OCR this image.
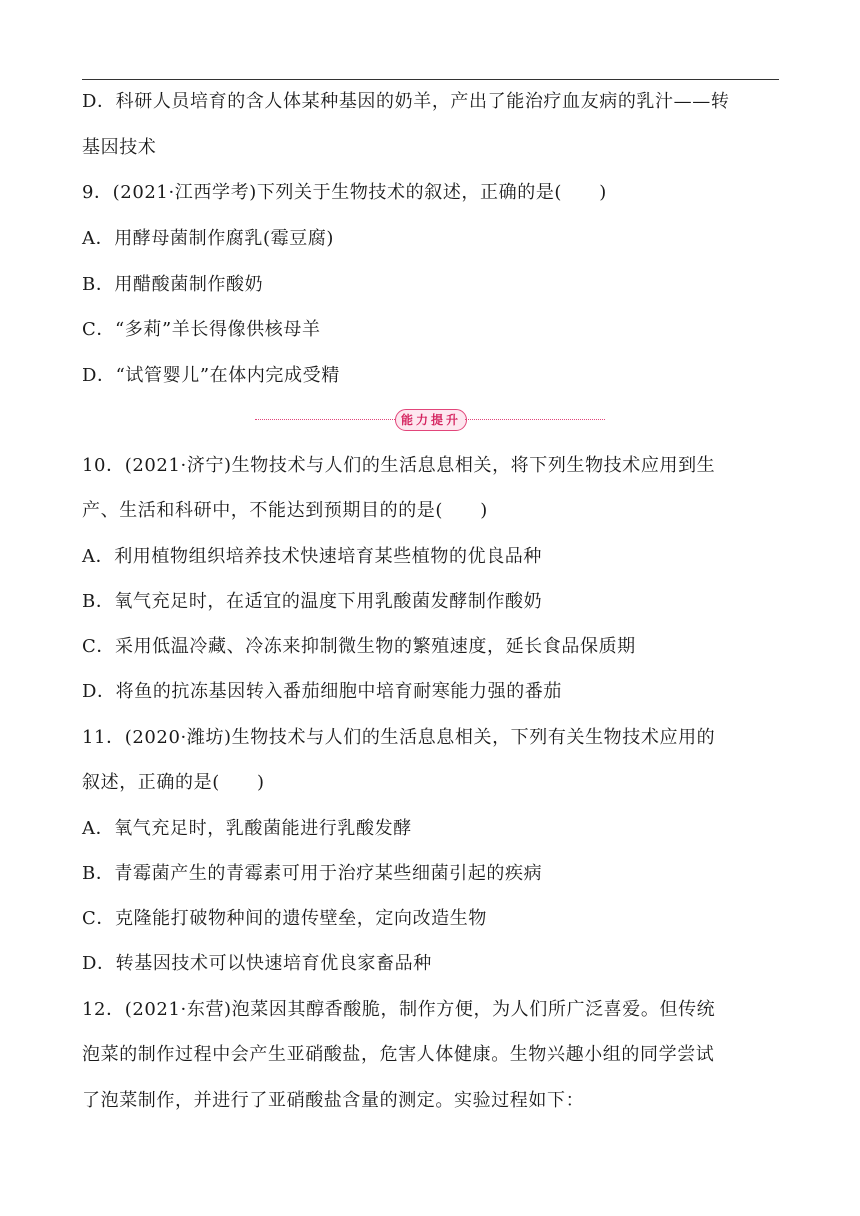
D．科研人员培育的含人体某种基因的奶羊，产出了能治疗血友病的乳汁——转
基因技术
9．(2021·江西学考)下列关于生物技术的叙述，正确的是(　　)
A．用酵母菌制作腐乳(霉豆腐)
B．用醋酸菌制作酸奶
C．“多莉”羊长得像供核母羊
D．“试管婴儿”在体内完成受精
能力提升
10．(2021·济宁)生物技术与人们的生活息息相关，将下列生物技术应用到生
产、生活和科研中，不能达到预期目的的是(　　)
A．利用植物组织培养技术快速培育某些植物的优良品种
B．氧气充足时，在适宜的温度下用乳酸菌发酵制作酸奶
C．采用低温冷藏、冷冻来抑制微生物的繁殖速度，延长食品保质期
D．将鱼的抗冻基因转入番茄细胞中培育耐寒能力强的番茄
11．(2020·潍坊)生物技术与人们的生活息息相关，下列有关生物技术应用的
叙述，正确的是(　　)
A．氧气充足时，乳酸菌能进行乳酸发酵
B．青霉菌产生的青霉素可用于治疗某些细菌引起的疾病
C．克隆能打破物种间的遗传壁垒，定向改造生物
D．转基因技术可以快速培育优良家畜品种
12．(2021·东营)泡菜因其醇香酸脆，制作方便，为人们所广泛喜爱。但传统
泡菜的制作过程中会产生亚硝酸盐，危害人体健康。生物兴趣小组的同学尝试
了泡菜制作，并进行了亚硝酸盐含量的测定。实验过程如下：
